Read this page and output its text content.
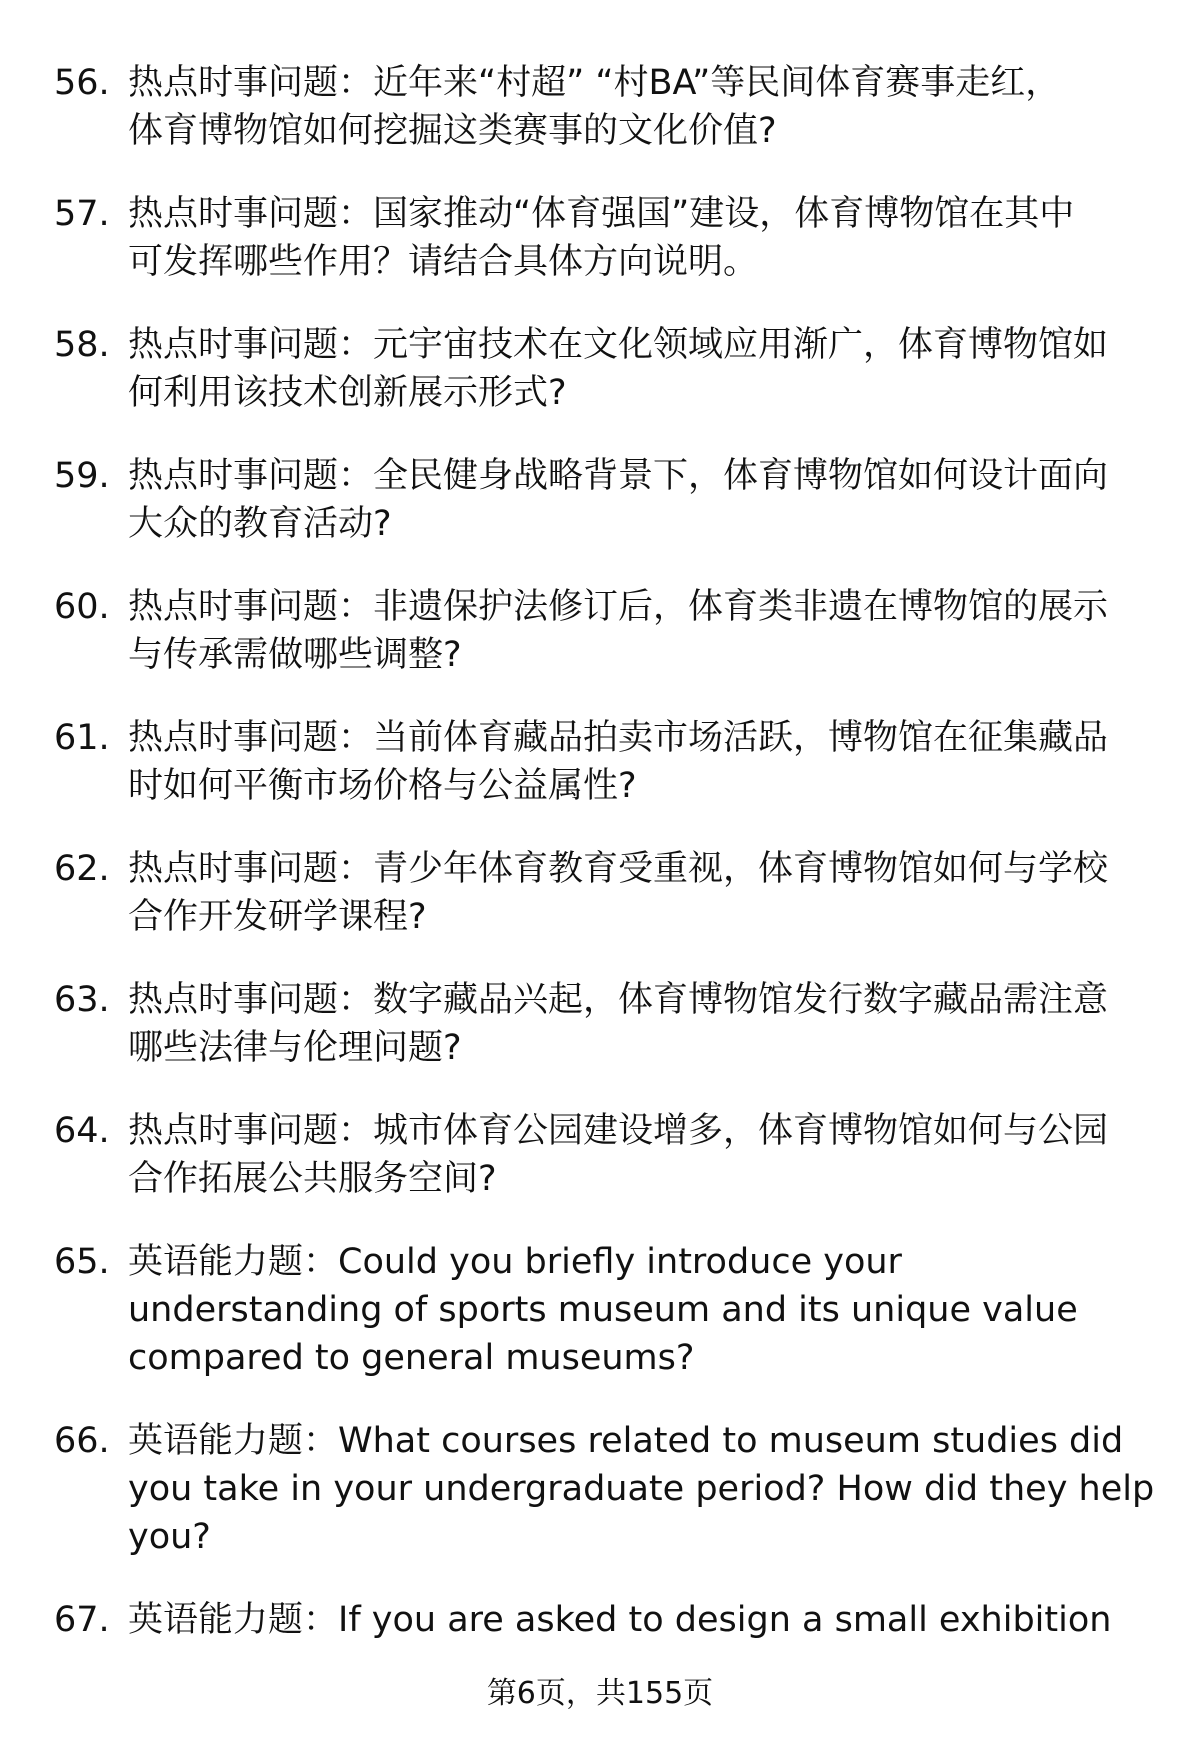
56. 热点时事问题：近年来“村超” “村BA”等民间体育赛事走红，
体育博物馆如何挖掘这类赛事的文化价值?
57. 热点时事问题：国家推动“体育强国”建设，体育博物馆在其中
可发挥哪些作用？请结合具体方向说明。
58. 热点时事问题：元宇宙技术在文化领域应用渐广，体育博物馆如
何利用该技术创新展示形式?
59. 热点时事问题：全民健身战略背景下，体育博物馆如何设计面向
大众的教育活动?
60. 热点时事问题：非遗保护法修订后，体育类非遗在博物馆的展示
与传承需做哪些调整?
61. 热点时事问题：当前体育藏品拍卖市场活跃，博物馆在征集藏品
时如何平衡市场价格与公益属性?
62. 热点时事问题：青少年体育教育受重视，体育博物馆如何与学校
合作开发研学课程?
63. 热点时事问题：数字藏品兴起，体育博物馆发行数字藏品需注意
哪些法律与伦理问题?
64. 热点时事问题：城市体育公园建设增多，体育博物馆如何与公园
合作拓展公共服务空间?
65. 英语能力题：Could you briefly introduce your
understanding of sports museum and its unique value
compared to general museums?
66. 英语能力题：What courses related to museum studies did
you take in your undergraduate period? How did they help
you?
67. 英语能力题：If you are asked to design a small exhibition
第6页，共155页
